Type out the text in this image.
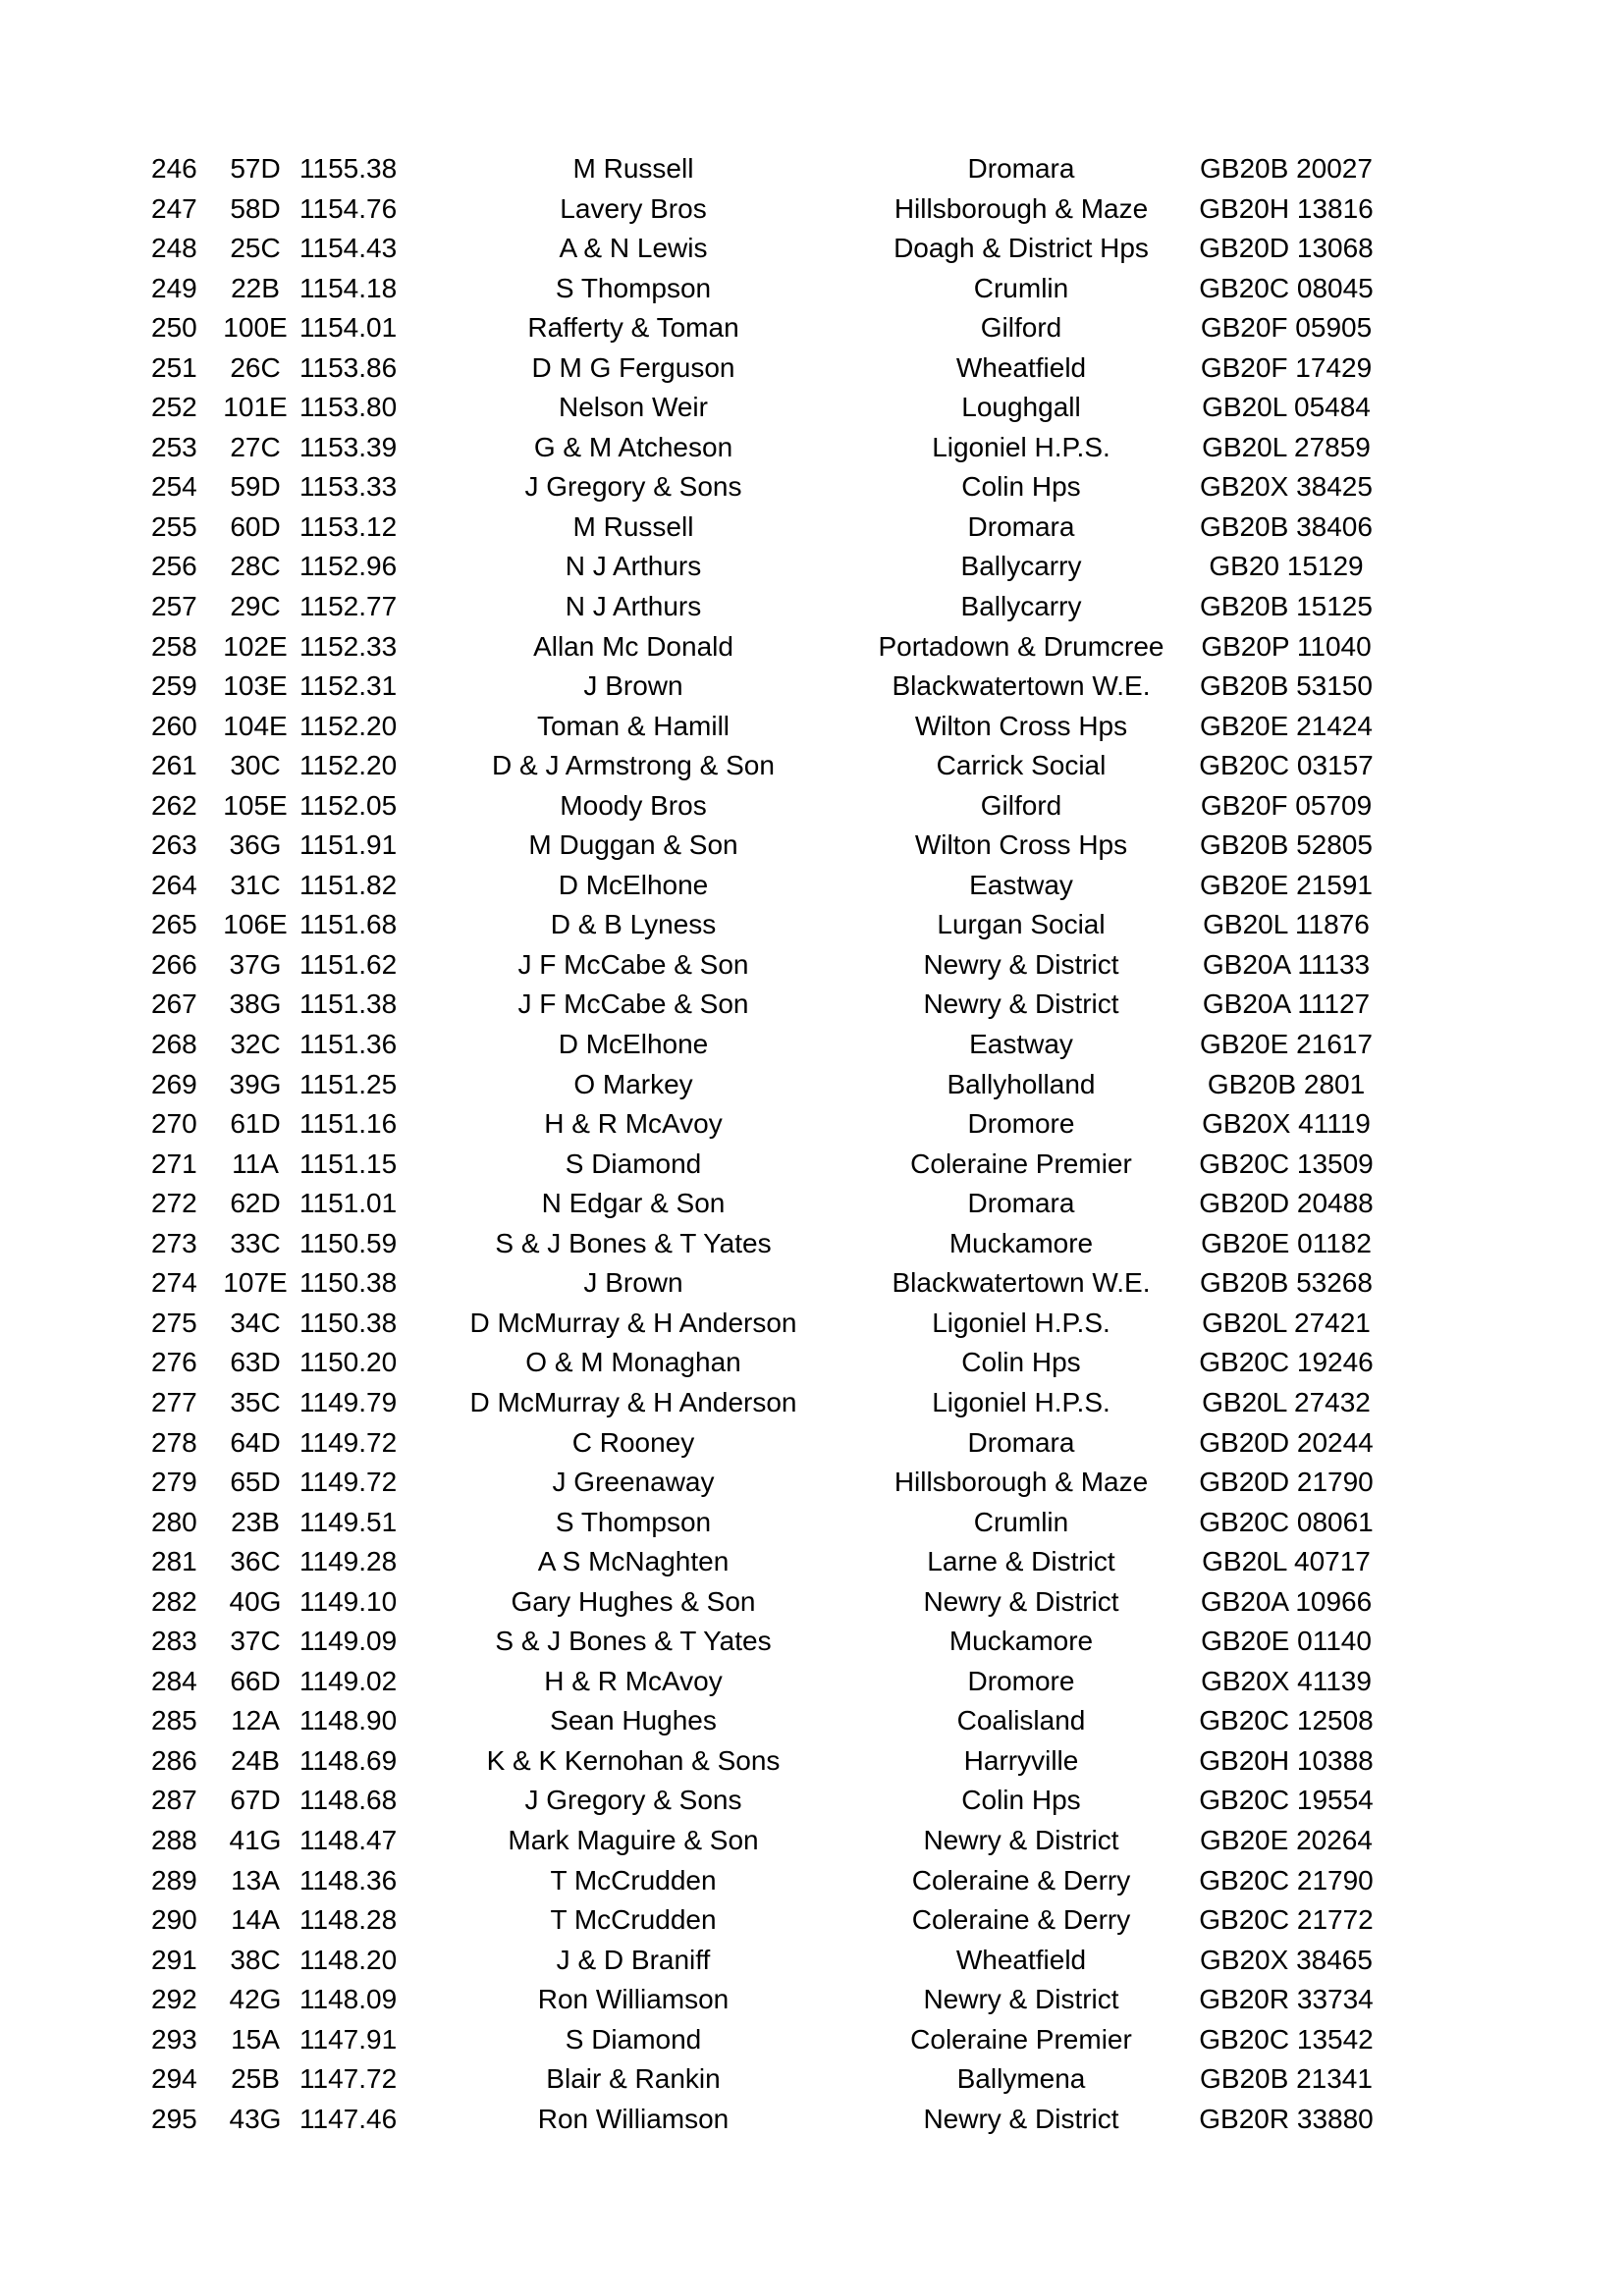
246	57D 1155.38	M Russell	Dromara	GB20B 20027
247	58D 1154.76	Lavery Bros	Hillsborough & Maze	GB20H 13816
248	25C 1154.43	A & N Lewis	Doagh & District Hps	GB20D 13068
249	22B 1154.18	S Thompson	Crumlin	GB20C 08045
250 100E 1154.01	Rafferty & Toman	Gilford	GB20F 05905
251	26C 1153.86	D M G Ferguson	Wheatfield	GB20F 17429
252 101E 1153.80	Nelson Weir	Loughgall	GB20L 05484
253	27C 1153.39	G & M Atcheson	Ligoniel H.P.S.	GB20L 27859
254	59D 1153.33	J Gregory & Sons	Colin Hps	GB20X 38425
255	60D 1153.12	M Russell	Dromara	GB20B 38406
256	28C 1152.96	N J Arthurs	Ballycarry	GB20 15129
257	29C 1152.77	N J Arthurs	Ballycarry	GB20B 15125
258 102E 1152.33	Allan Mc Donald	Portadown & Drumcree	GB20P 11040
259 103E 1152.31	J Brown	Blackwatertown W.E.	GB20B 53150
260 104E 1152.20	Toman & Hamill	Wilton Cross Hps	GB20E 21424
261	30C 1152.20	D & J Armstrong & Son	Carrick Social	GB20C 03157
262 105E 1152.05	Moody Bros	Gilford	GB20F 05709
263	36G 1151.91	M Duggan & Son	Wilton Cross Hps	GB20B 52805
264	31C 1151.82	D McElhone	Eastway	GB20E 21591
265 106E 1151.68	D & B Lyness	Lurgan Social	GB20L 11876
266	37G 1151.62	J F McCabe & Son	Newry & District	GB20A 11133
267	38G 1151.38	J F McCabe & Son	Newry & District	GB20A 11127
268	32C 1151.36	D McElhone	Eastway	GB20E 21617
269	39G 1151.25	O Markey	Ballyholland	GB20B 2801
270	61D 1151.16	H & R McAvoy	Dromore	GB20X 41119
271	11A 1151.15	S Diamond	Coleraine Premier	GB20C 13509
272	62D 1151.01	N Edgar & Son	Dromara	GB20D 20488
273	33C 1150.59	S & J Bones & T Yates	Muckamore	GB20E 01182
274 107E 1150.38	J Brown	Blackwatertown W.E.	GB20B 53268
275	34C 1150.38	D McMurray & H Anderson	Ligoniel H.P.S.	GB20L 27421
276	63D 1150.20	O & M Monaghan	Colin Hps	GB20C 19246
277	35C 1149.79	D McMurray & H Anderson	Ligoniel H.P.S.	GB20L 27432
278	64D 1149.72	C Rooney	Dromara	GB20D 20244
279	65D 1149.72	J Greenaway	Hillsborough & Maze	GB20D 21790
280	23B 1149.51	S Thompson	Crumlin	GB20C 08061
281	36C 1149.28	A S McNaghten	Larne & District	GB20L 40717
282	40G 1149.10	Gary Hughes & Son	Newry & District	GB20A 10966
283	37C 1149.09	S & J Bones & T Yates	Muckamore	GB20E 01140
284	66D 1149.02	H & R McAvoy	Dromore	GB20X 41139
285	12A 1148.90	Sean Hughes	Coalisland	GB20C 12508
286	24B 1148.69	K & K Kernohan & Sons	Harryville	GB20H 10388
287	67D 1148.68	J Gregory & Sons	Colin Hps	GB20C 19554
288	41G 1148.47	Mark Maguire & Son	Newry & District	GB20E 20264
289	13A 1148.36	T McCrudden	Coleraine & Derry	GB20C 21790
290	14A 1148.28	T McCrudden	Coleraine & Derry	GB20C 21772
291	38C 1148.20	J & D Braniff	Wheatfield	GB20X 38465
292	42G 1148.09	Ron Williamson	Newry & District	GB20R 33734
293	15A 1147.91	S Diamond	Coleraine Premier	GB20C 13542
294	25B 1147.72	Blair & Rankin	Ballymena	GB20B 21341
295	43G 1147.46	Ron Williamson	Newry & District	GB20R 33880
